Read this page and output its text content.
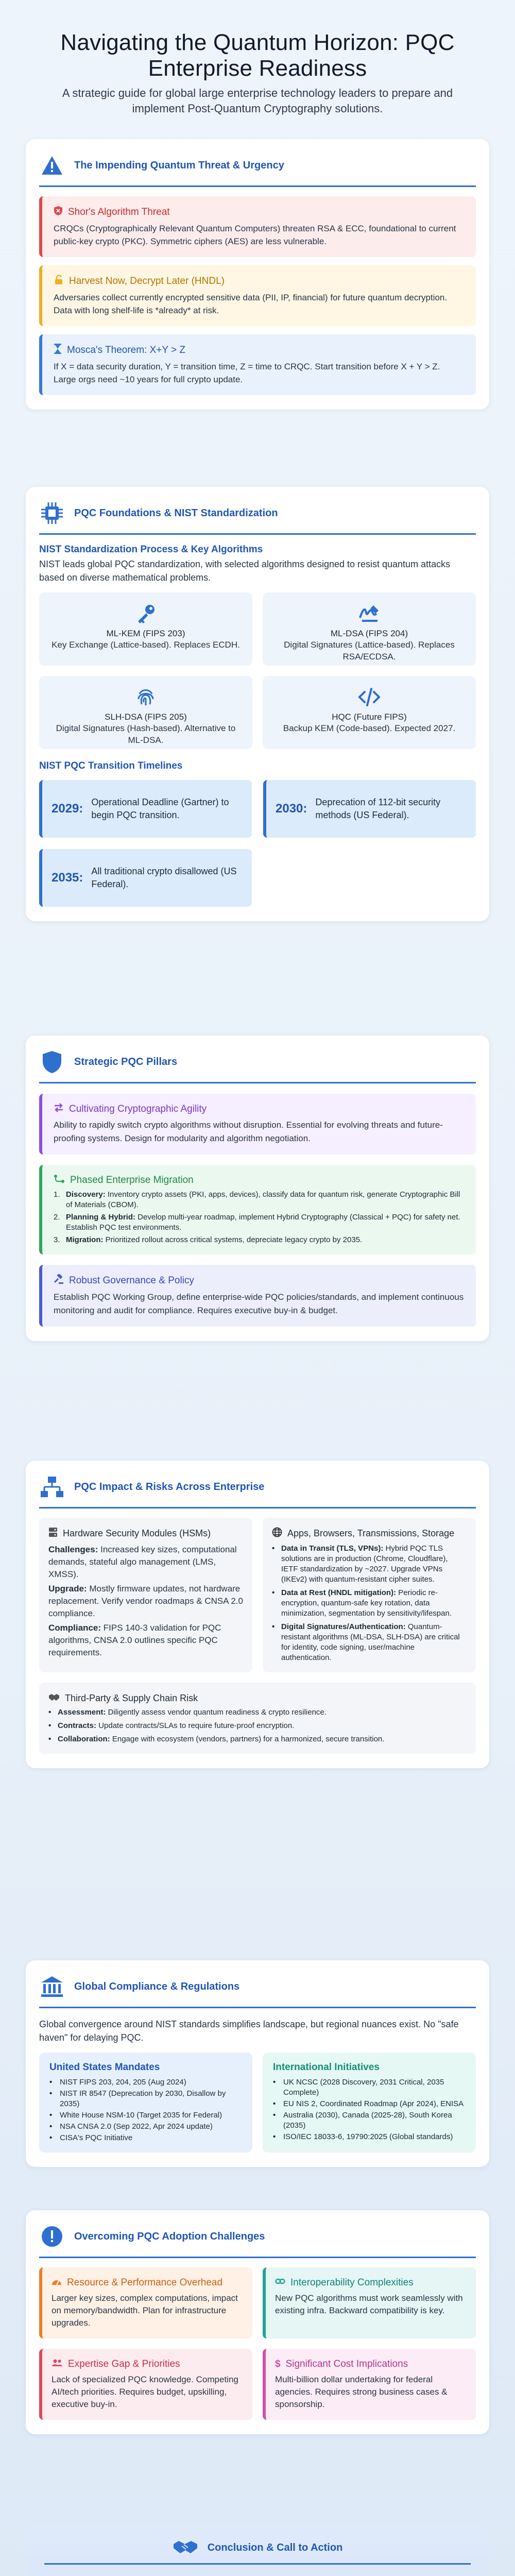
Navigating the Quantum Horizon: PQC Enterprise Readiness

A strategic guide for global large enterprise technology leaders to prepare and implement Post-Quantum Cryptography solutions.

The Impending Quantum Threat & Urgency
Shor's Algorithm Threat

CRQCs (Cryptographically Relevant Quantum Computers) threaten RSA & ECC, foundational to current public-key crypto (PKC). Symmetric ciphers (AES) are less vulnerable.

Harvest Now, Decrypt Later (HNDL)

Adversaries collect currently encrypted sensitive data (PII, IP, financial) for future quantum decryption. Data with long shelf-life is *already* at risk.

Mosca's Theorem: X+Y > Z

If X = data security duration, Y = transition time, Z = time to CRQC. Start transition before X + Y > Z. Large orgs need ~10 years for full crypto update.

PQC Foundations & NIST Standardization
NIST Standardization Process & Key Algorithms

NIST leads global PQC standardization, with selected algorithms designed to resist quantum attacks based on diverse mathematical problems.

ML-KEM (FIPS 203)
Key Exchange (Lattice-based). Replaces ECDH.
ML-DSA (FIPS 204)
Digital Signatures (Lattice-based). Replaces RSA/ECDSA.
SLH-DSA (FIPS 205)
Digital Signatures (Hash-based). Alternative to ML-DSA.
HQC (Future FIPS)
Backup KEM (Code-based). Expected 2027.
NIST PQC Transition Timelines
2029: Operational Deadline (Gartner) to begin PQC transition.	2030: Deprecation of 112-bit security methods (US Federal).
2035: All traditional crypto disallowed (US Federal).
Strategic PQC Pillars
Cultivating Cryptographic Agility

Ability to rapidly switch crypto algorithms without disruption. Essential for evolving threats and future-proofing systems. Design for modularity and algorithm negotiation.

Phased Enterprise Migration
1. Discovery: Inventory crypto assets (PKI, apps, devices), classify data for quantum risk, generate Cryptographic Bill of Materials (CBOM).
2. Planning & Hybrid: Develop multi-year roadmap, implement Hybrid Cryptography (Classical + PQC) for safety net. Establish PQC test environments.
3. Migration: Prioritized rollout across critical systems, depreciate legacy crypto by 2035.
Robust Governance & Policy

Establish PQC Working Group, define enterprise-wide PQC policies/standards, and implement continuous monitoring and audit for compliance. Requires executive buy-in & budget.

PQC Impact & Risks Across Enterprise
Hardware Security Modules (HSMs)

Challenges: Increased key sizes, computational demands, stateful algo management (LMS, XMSS).

Upgrade: Mostly firmware updates, not hardware replacement. Verify vendor roadmaps & CNSA 2.0 compliance.

Compliance: FIPS 140-3 validation for PQC algorithms, CNSA 2.0 outlines specific PQC requirements.

Apps, Browsers, Transmissions, Storage
• Data in Transit (TLS, VPNs): Hybrid PQC TLS solutions are in production (Chrome, Cloudflare), IETF standardization by ~2027. Upgrade VPNs (IKEv2) with quantum-resistant cipher suites.
• Data at Rest (HNDL mitigation): Periodic re-encryption, quantum-safe key rotation, data minimization, segmentation by sensitivity/lifespan.
• Digital Signatures/Authentication: Quantum-resistant algorithms (ML-DSA, SLH-DSA) are critical for identity, code signing, user/machine authentication.
Third-Party & Supply Chain Risk
• Assessment: Diligently assess vendor quantum readiness & crypto resilience.
• Contracts: Update contracts/SLAs to require future-proof encryption.
• Collaboration: Engage with ecosystem (vendors, partners) for a harmonized, secure transition.
Global Compliance & Regulations

Global convergence around NIST standards simplifies landscape, but regional nuances exist. No "safe haven" for delaying PQC.

United States Mandates
• NIST FIPS 203, 204, 205 (Aug 2024)
• NIST IR 8547 (Deprecation by 2030, Disallow by 2035)
• White House NSM-10 (Target 2035 for Federal)
• NSA CNSA 2.0 (Sep 2022, Apr 2024 update)
• CISA's PQC Initiative
International Initiatives
• UK NCSC (2028 Discovery, 2031 Critical, 2035 Complete)
• EU NIS 2, Coordinated Roadmap (Apr 2024), ENISA
• Australia (2030), Canada (2025-28), South Korea (2035)
• ISO/IEC 18033-6, 19790:2025 (Global standards)
Overcoming PQC Adoption Challenges
Resource & Performance Overhead

Larger key sizes, complex computations, impact on memory/bandwidth. Plan for infrastructure upgrades.

Interoperability Complexities

New PQC algorithms must work seamlessly with existing infra. Backward compatibility is key.

Expertise Gap & Priorities

Lack of specialized PQC knowledge. Competing AI/tech priorities. Requires budget, upskilling, executive buy-in.

$ Significant Cost Implications

Multi-billion dollar undertaking for federal agencies. Requires strong business cases & sponsorship.

Conclusion & Call to Action
